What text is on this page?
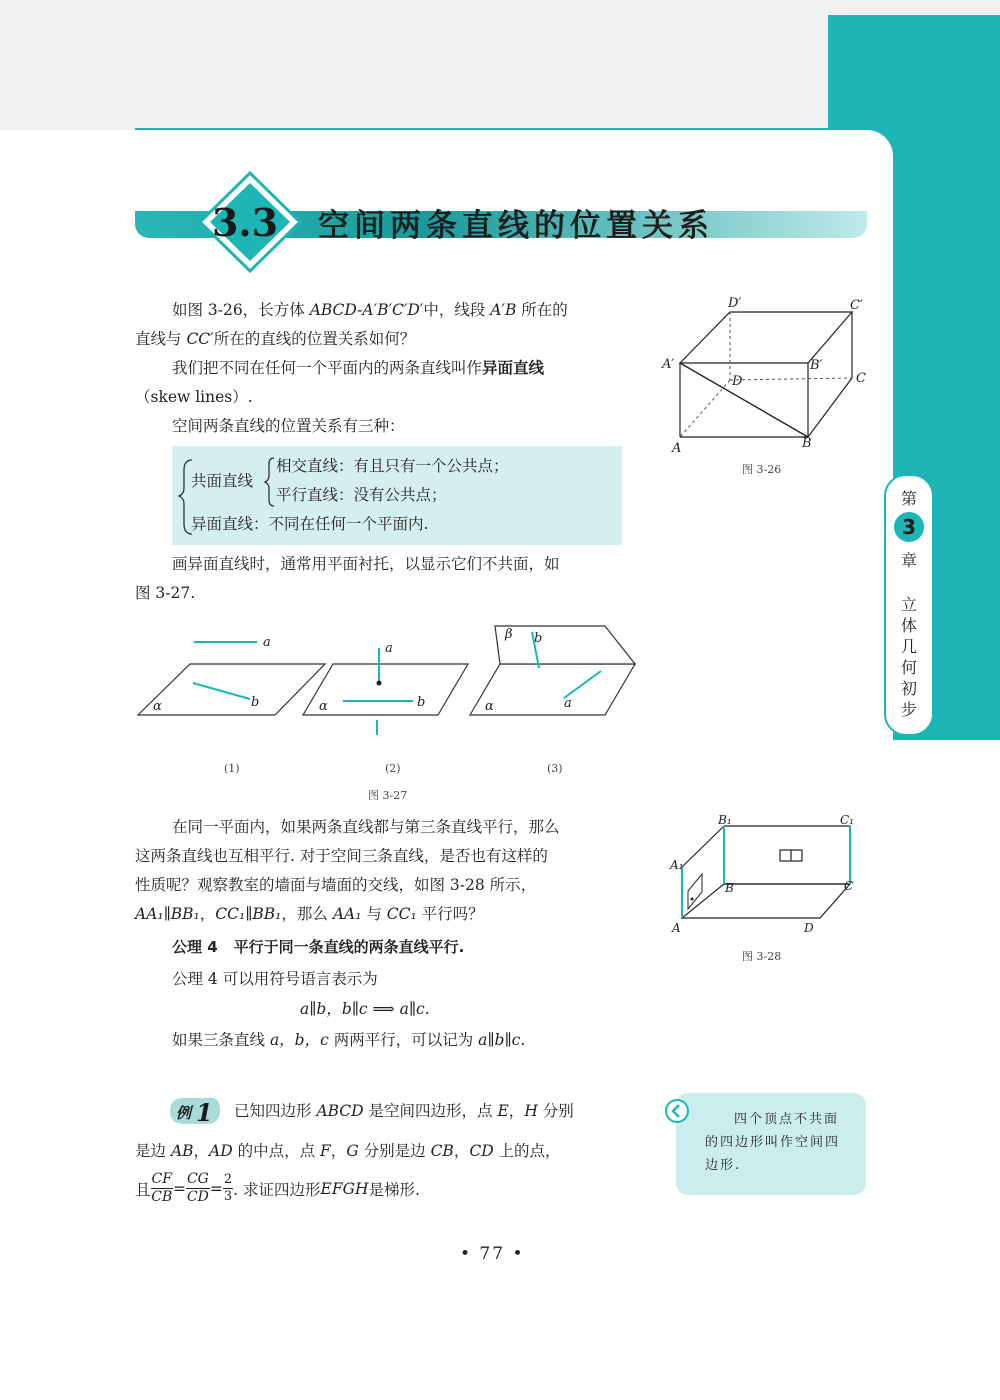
3.3 空间两条直线的位置关系
如图 3-26，长方体 ABCD-A′B′C′D′中，线段 A′B 所在的
直线与 CC′所在的直线的位置关系如何？
我们把不同在任何一个平面内的两条直线叫作异面直线
（skew lines）.
空间两条直线的位置关系有三种：
共面直线
相交直线：有且只有一个公共点；
平行直线：没有公共点；
异面直线：不同在任何一个平面内.
画异面直线时，通常用平面衬托，以显示它们不共面，如
图 3-27.
A	B
C
D
A′	B′
C′
D′
图 3-26
a
b
α
a
b
α
β b
a
α
(1)	(2)	(3)
图 3-27
在同一平面内，如果两条直线都与第三条直线平行，那么
这两条直线也互相平行. 对于空间三条直线，是否也有这样的
性质呢？观察教室的墙面与墙面的交线，如图 3-28 所示，
AA₁∥BB₁，CC₁∥BB₁，那么 AA₁ 与 CC₁ 平行吗？
公理 4 平行于同一条直线的两条直线平行.
公理 4 可以用符号语言表示为
a∥b，b∥c ⟹ a∥c.
如果三条直线 a，b，c 两两平行，可以记为 a∥b∥c.
A
B	C
D
A₁
B₁	C₁
图 3-28
例 1 已知四边形 ABCD 是空间四边形，点 E，H 分别
是边 AB，AD 的中点，点 F，G 分别是边 CB，CD 上的点，
且 $\frac{CF}{CB} = \frac{CG}{CD} = \frac{2}{3}$ . 求证四边形 EFGH 是梯形.
四个顶点不共面
的四边形叫作空间四
边形.
第
3
章
立
体
几
何
初
步
• 77 •
